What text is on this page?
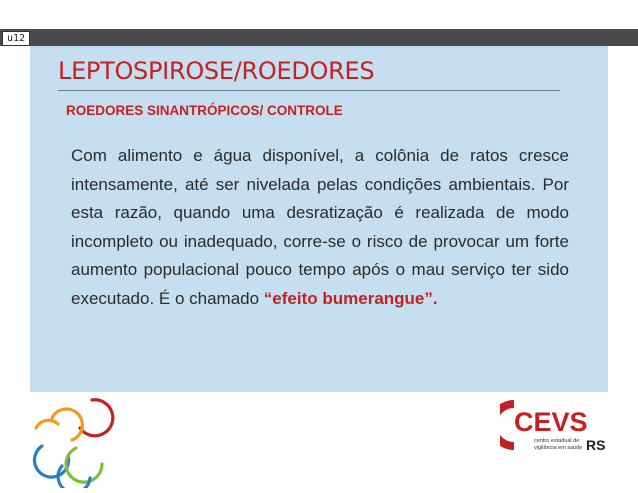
u12
LEPTOSPIROSE/ROEDORES
ROEDORES SINANTRÓPICOS/ CONTROLE
Com alimento e água disponível, a colônia de ratos cresce intensamente, até ser nivelada pelas condições ambientais. Por esta razão, quando uma desratização é realizada de modo incompleto ou inadequado, corre-se o risco de provocar um forte aumento populacional pouco tempo após o mau serviço ter sido executado. É o chamado “efeito bumerangue”.
CEVS
centro estadual de
vigilância em saúde RS
